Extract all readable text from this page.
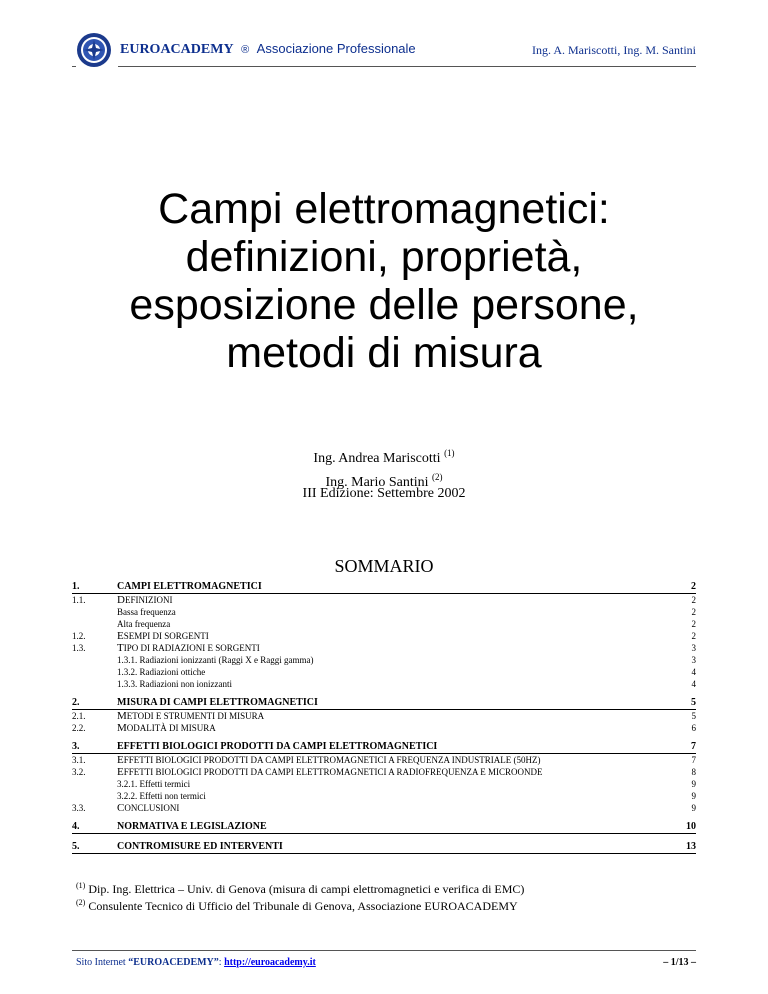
EUROACADEMY ® Associazione Professionale	Ing. A. Mariscotti, Ing. M. Santini
Campi elettromagnetici:
definizioni, proprietà,
esposizione delle persone,
metodi di misura
Ing. Andrea Mariscotti $^{(1)}$
Ing. Mario Santini $^{(2)}$
III Edizione: Settembre 2002
SOMMARIO
1.	CAMPI ELETTROMAGNETICI	2
1.1.	DEFINIZIONI	2
Bassa frequenza	2
Alta frequenza	2
1.2.	ESEMPI DI SORGENTI	2
1.3.	TIPO DI RADIAZIONI E SORGENTI	3
1.3.1. Radiazioni ionizzanti (Raggi X e Raggi gamma)	3
1.3.2. Radiazioni ottiche	4
1.3.3. Radiazioni non ionizzanti	4
2.	MISURA DI CAMPI ELETTROMAGNETICI	5
2.1.	METODI E STRUMENTI DI MISURA	5
2.2.	MODALITÀ DI MISURA	6
3.	EFFETTI BIOLOGICI PRODOTTI DA CAMPI ELETTROMAGNETICI	7
3.1.	EFFETTI BIOLOGICI PRODOTTI DA CAMPI ELETTROMAGNETICI A FREQUENZA INDUSTRIALE (50HZ)	7
3.2.	EFFETTI BIOLOGICI PRODOTTI DA CAMPI ELETTROMAGNETICI A RADIOFREQUENZA E MICROONDE	8
3.2.1. Effetti termici	9
3.2.2. Effetti non termici	9
3.3.	CONCLUSIONI	9
4.	NORMATIVA E LEGISLAZIONE	10
5.	CONTROMISURE ED INTERVENTI	13
$^{(1)}$ Dip. Ing. Elettrica – Univ. di Genova (misura di campi elettromagnetici e verifica di EMC)
$^{(2)}$ Consulente Tecnico di Ufficio del Tribunale di Genova, Associazione EUROACADEMY
Sito Internet “EUROACEDEMY”: http://euroacademy.it	– 1/13 –
